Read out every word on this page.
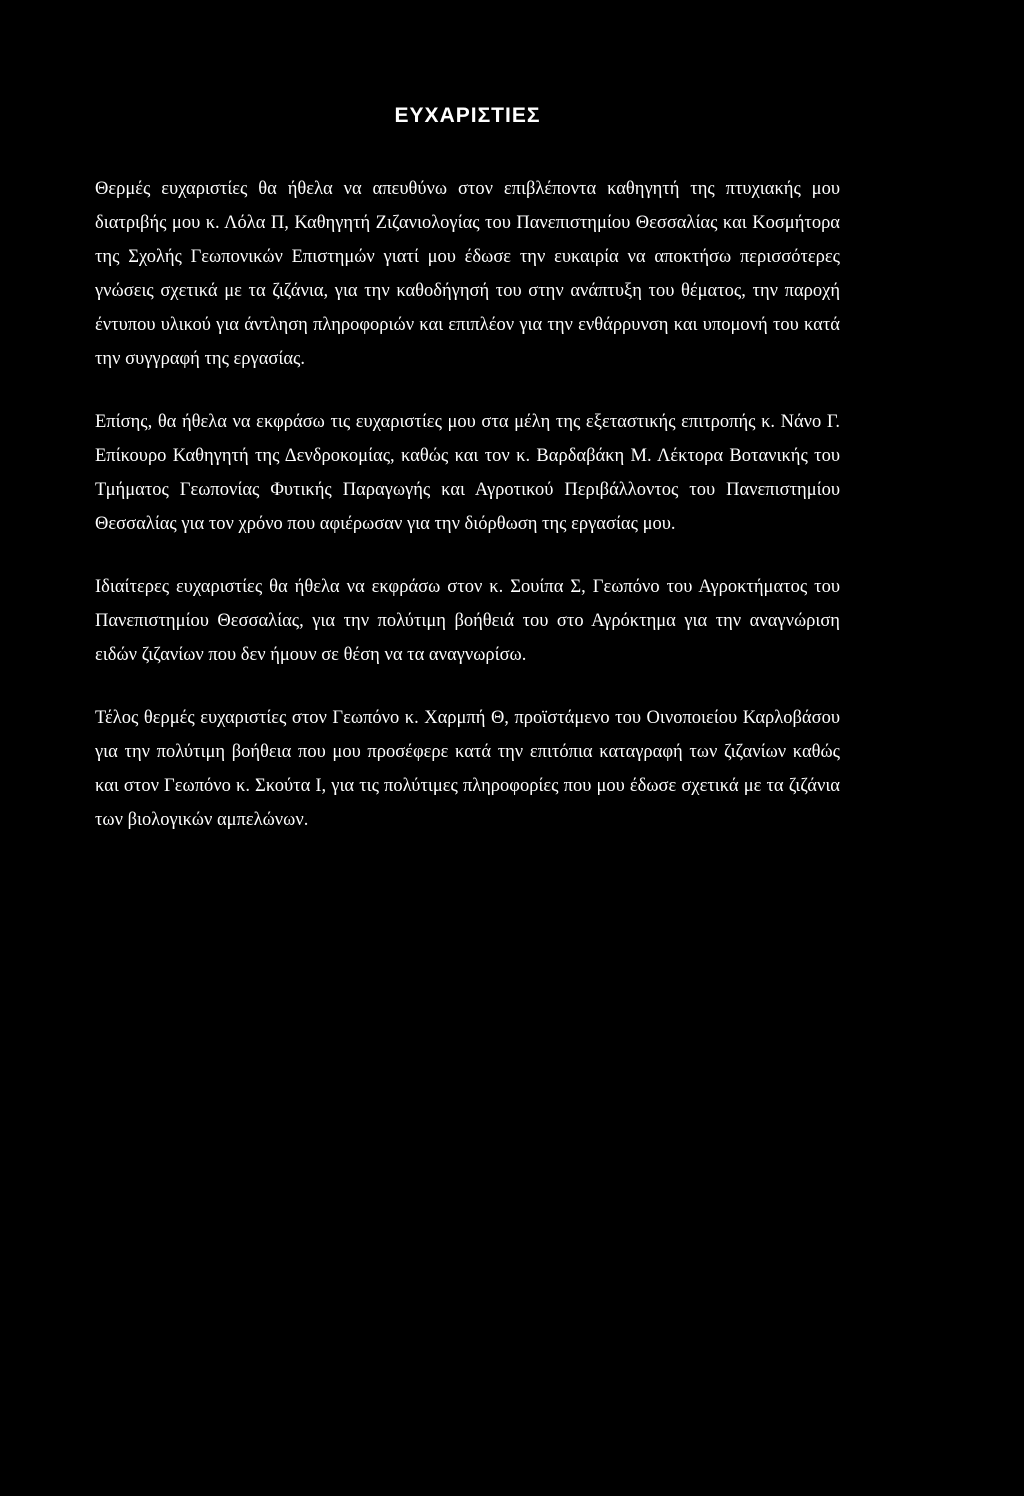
ΕΥΧΑΡΙΣΤΙΕΣ

Θερμές ευχαριστίες θα ήθελα να απευθύνω στον επιβλέποντα καθηγητή της πτυχιακής μου διατριβής μου κ. Λόλα Π, Καθηγητή Ζιζανιολογίας του Πανεπιστημίου Θεσσαλίας και Κοσμήτορα της Σχολής Γεωπονικών Επιστημών γιατί μου έδωσε την ευκαιρία να αποκτήσω περισσότερες γνώσεις σχετικά με τα ζιζάνια, για την καθοδήγησή του στην ανάπτυξη του θέματος, την παροχή έντυπου υλικού για άντληση πληροφοριών και επιπλέον για την ενθάρρυνση και υπομονή του κατά την συγγραφή της εργασίας.

Επίσης, θα ήθελα να εκφράσω τις ευχαριστίες μου στα μέλη της εξεταστικής επιτροπής κ. Νάνο Γ. Επίκουρο Καθηγητή της Δενδροκομίας, καθώς και τον κ. Βαρδαβάκη Μ. Λέκτορα Βοτανικής του Τμήματος Γεωπονίας Φυτικής Παραγωγής και Αγροτικού Περιβάλλοντος του Πανεπιστημίου Θεσσαλίας για τον χρόνο που αφιέρωσαν για την διόρθωση της εργασίας μου.

Ιδιαίτερες ευχαριστίες θα ήθελα να εκφράσω στον κ. Σουίπα Σ, Γεωπόνο του Αγροκτήματος του Πανεπιστημίου Θεσσαλίας, για την πολύτιμη βοήθειά του στο Αγρόκτημα για την αναγνώριση ειδών ζιζανίων που δεν ήμουν σε θέση να τα αναγνωρίσω.

Τέλος θερμές ευχαριστίες στον Γεωπόνο κ. Χαρμπή Θ, προϊστάμενο του Οινοποιείου Καρλοβάσου για την πολύτιμη βοήθεια που μου προσέφερε κατά την επιτόπια καταγραφή των ζιζανίων καθώς και στον Γεωπόνο κ. Σκούτα Ι, για τις πολύτιμες πληροφορίες που μου έδωσε σχετικά με τα ζιζάνια των βιολογικών αμπελώνων.
